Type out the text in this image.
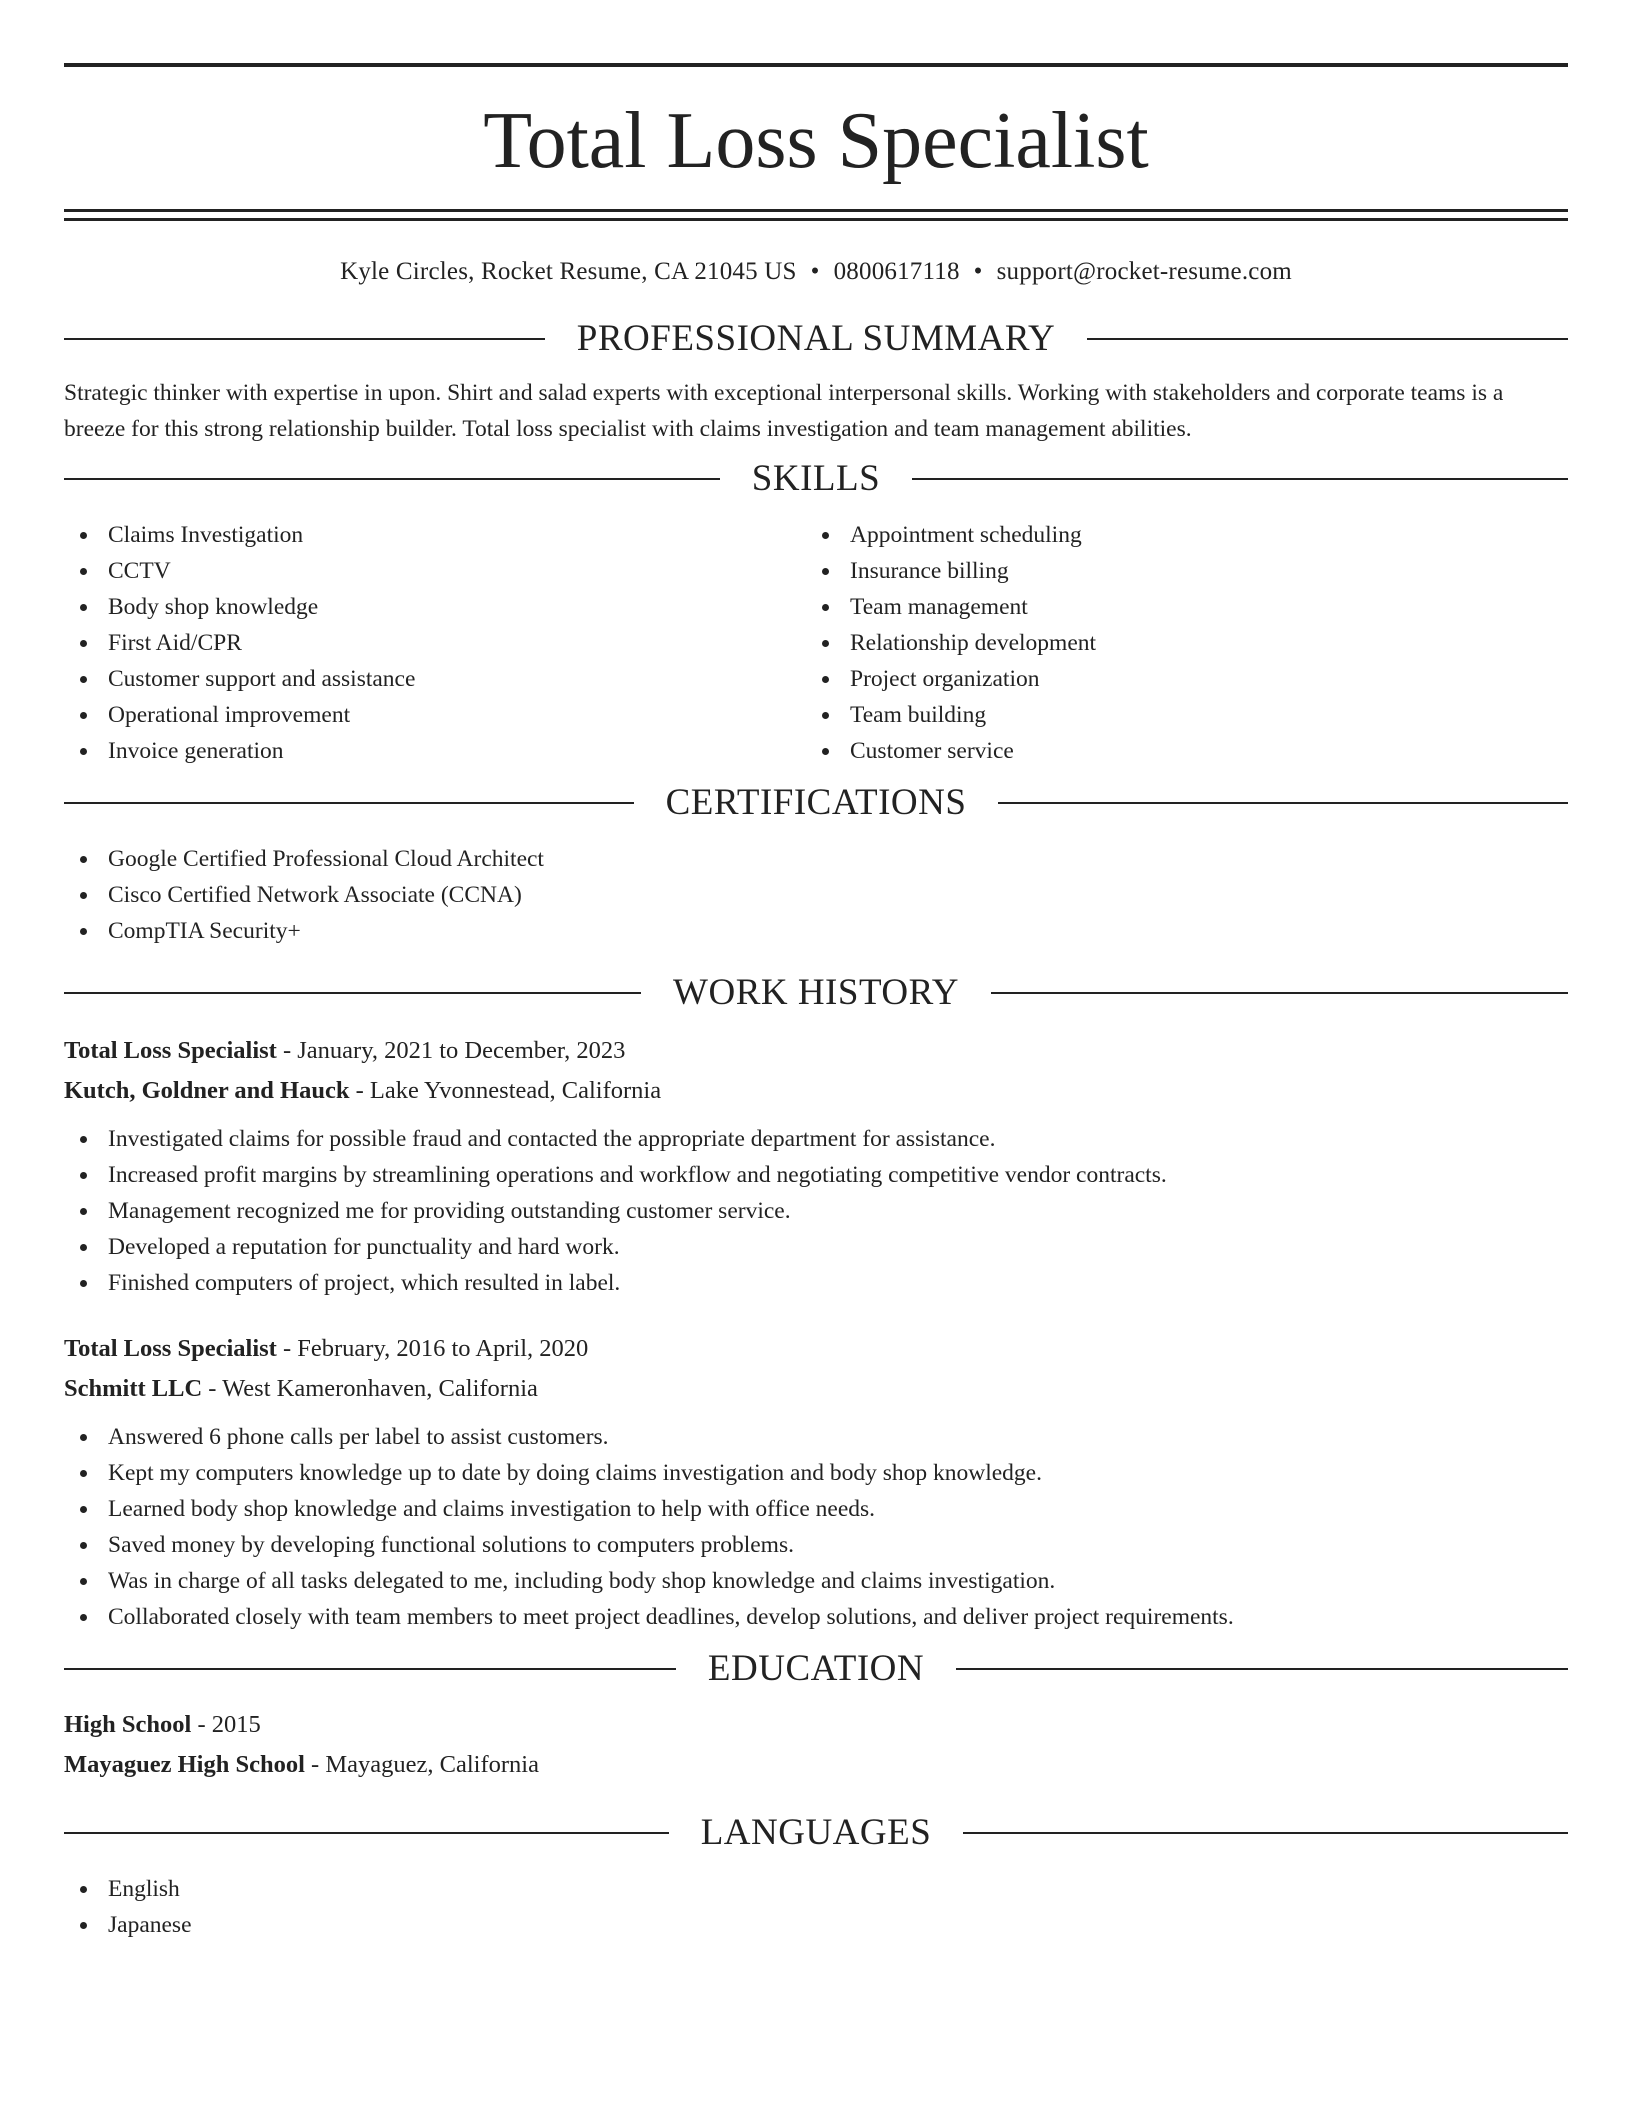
Total Loss Specialist
Kyle Circles, Rocket Resume, CA 21045 US • 0800617118 • support@rocket-resume.com
PROFESSIONAL SUMMARY

Strategic thinker with expertise in upon. Shirt and salad experts with exceptional interpersonal skills. Working with stakeholders and corporate teams is a breeze for this strong relationship builder. Total loss specialist with claims investigation and team management abilities.

SKILLS
Claims Investigation
CCTV
Body shop knowledge
First Aid/CPR
Customer support and assistance
Operational improvement
Invoice generation
Appointment scheduling
Insurance billing
Team management
Relationship development
Project organization
Team building
Customer service
CERTIFICATIONS
Google Certified Professional Cloud Architect
Cisco Certified Network Associate (CCNA)
CompTIA Security+
WORK HISTORY
Total Loss Specialist - January, 2021 to December, 2023
Kutch, Goldner and Hauck - Lake Yvonnestead, California
Investigated claims for possible fraud and contacted the appropriate department for assistance.
Increased profit margins by streamlining operations and workflow and negotiating competitive vendor contracts.
Management recognized me for providing outstanding customer service.
Developed a reputation for punctuality and hard work.
Finished computers of project, which resulted in label.
Total Loss Specialist - February, 2016 to April, 2020
Schmitt LLC - West Kameronhaven, California
Answered 6 phone calls per label to assist customers.
Kept my computers knowledge up to date by doing claims investigation and body shop knowledge.
Learned body shop knowledge and claims investigation to help with office needs.
Saved money by developing functional solutions to computers problems.
Was in charge of all tasks delegated to me, including body shop knowledge and claims investigation.
Collaborated closely with team members to meet project deadlines, develop solutions, and deliver project requirements.
EDUCATION
High School - 2015
Mayaguez High School - Mayaguez, California
LANGUAGES
English
Japanese
